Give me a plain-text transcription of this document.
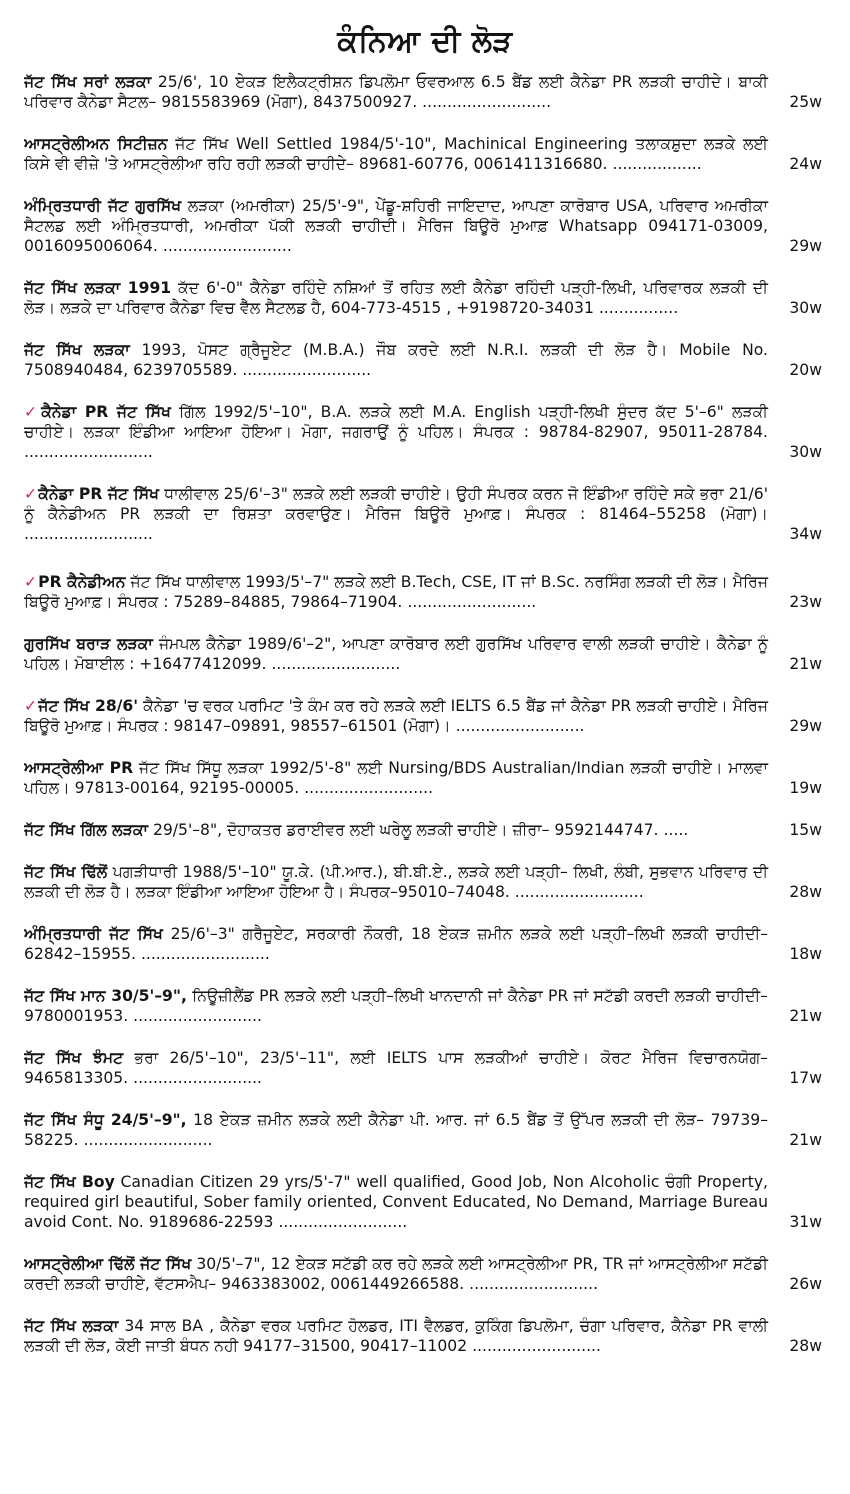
ਕੰਨਿਆ ਦੀ ਲੋੜ
ਜੱਟ ਸਿੱਖ ਸਰਾਂ ਲੜਕਾ 25/6', 10 ਏਕੜ ਇਲੈਕਟ੍ਰੀਸ਼ਨ ਡਿਪਲੋਮਾ ਓਵਰਆਲ 6.5 ਬੈਂਡ ਲਈ ਕੈਨੇਡਾ PR ਲੜਕੀ ਚਾਹੀਦੇ। ਬਾਕੀ ਪਰਿਵਾਰ ਕੈਨੇਡਾ ਸੈਟਲ– 9815583969 (ਮੋਗਾ), 8437500927. ..........................	25w
ਆਸਟ੍ਰੇਲੀਅਨ ਸਿਟੀਜ਼ਨ ਜੱਟ ਸਿੱਖ Well Settled 1984/5'-10", Machinical Engineering ਤਲਾਕਸ਼ੁਦਾ ਲੜਕੇ ਲਈ ਕਿਸੇ ਵੀ ਵੀਜ਼ੇ 'ਤੇ ਆਸਟ੍ਰੇਲੀਆ ਰਹਿ ਰਹੀ ਲੜਕੀ ਚਾਹੀਦੇ– 89681-60776, 0061411316680. ..................	24w
ਅੰਮ੍ਰਿਤਧਾਰੀ ਜੱਟ ਗੁਰਸਿੱਖ ਲੜਕਾ (ਅਮਰੀਕਾ) 25/5'-9", ਪੇਂਡੂ-ਸ਼ਹਿਰੀ ਜਾਇਦਾਦ, ਆਪਣਾ ਕਾਰੋਬਾਰ USA, ਪਰਿਵਾਰ ਅਮਰੀਕਾ ਸੈਟਲਡ ਲਈ ਅੰਮ੍ਰਿਤਧਾਰੀ, ਅਮਰੀਕਾ ਪੱਕੀ ਲੜਕੀ ਚਾਹੀਦੀ। ਮੈਰਿਜ ਬਿਊਰੋ ਮੁਆਫ਼ Whatsapp 094171-03009, 0016095006064. ..........................	29w
ਜੱਟ ਸਿੱਖ ਲੜਕਾ 1991 ਕੱਦ 6'-0" ਕੈਨੇਡਾ ਰਹਿੰਦੇ ਨਸ਼ਿਆਂ ਤੋਂ ਰਹਿਤ ਲਈ ਕੈਨੇਡਾ ਰਹਿੰਦੀ ਪੜ੍ਹੀ-ਲਿਖੀ, ਪਰਿਵਾਰਕ ਲੜਕੀ ਦੀ ਲੋੜ। ਲੜਕੇ ਦਾ ਪਰਿਵਾਰ ਕੈਨੇਡਾ ਵਿਚ ਵੈੱਲ ਸੈਟਲਡ ਹੈ, 604-773-4515 , +9198720-34031 ................	30w
ਜੱਟ ਸਿੱਖ ਲੜਕਾ 1993, ਪੋਸਟ ਗ੍ਰੈਜੂਏਟ (M.B.A.) ਜੌਬ ਕਰਦੇ ਲਈ N.R.I. ਲੜਕੀ ਦੀ ਲੋੜ ਹੈ। Mobile No. 7508940484, 6239705589. ..........................	20w
✓ਕੈਨੇਡਾ PR ਜੱਟ ਸਿੱਖ ਗਿੱਲ 1992/5'–10", B.A. ਲੜਕੇ ਲਈ M.A. English ਪੜ੍ਹੀ-ਲਿਖੀ ਸੁੰਦਰ ਕੱਦ 5'–6" ਲੜਕੀ ਚਾਹੀਏ। ਲੜਕਾ ਇੰਡੀਆ ਆਇਆ ਹੋਇਆ। ਮੋਗਾ, ਜਗਰਾਉਂ ਨੂੰ ਪਹਿਲ। ਸੰਪਰਕ : 98784-82907, 95011-28784. ..........................	30w
✓ਕੈਨੇਡਾ PR ਜੱਟ ਸਿੱਖ ਧਾਲੀਵਾਲ 25/6'–3" ਲੜਕੇ ਲਈ ਲੜਕੀ ਚਾਹੀਏ। ਉਹੀ ਸੰਪਰਕ ਕਰਨ ਜੋ ਇੰਡੀਆ ਰਹਿੰਦੇ ਸਕੇ ਭਰਾ 21/6' ਨੂੰ ਕੈਨੇਡੀਅਨ PR ਲੜਕੀ ਦਾ ਰਿਸ਼ਤਾ ਕਰਵਾਉਣ। ਮੈਰਿਜ ਬਿਊਰੋ ਮੁਆਫ਼। ਸੰਪਰਕ : 81464–55258 (ਮੋਗਾ)। ..........................	34w
✓PR ਕੈਨੇਡੀਅਨ ਜੱਟ ਸਿੱਖ ਧਾਲੀਵਾਲ 1993/5'–7" ਲੜਕੇ ਲਈ B.Tech, CSE, IT ਜਾਂ B.Sc. ਨਰਸਿੰਗ ਲੜਕੀ ਦੀ ਲੋੜ। ਮੈਰਿਜ ਬਿਊਰੋ ਮੁਆਫ਼। ਸੰਪਰਕ : 75289–84885, 79864–71904. ..........................	23w
ਗੁਰਸਿੱਖ ਬਰਾੜ ਲੜਕਾ ਜੰਮਪਲ ਕੈਨੇਡਾ 1989/6'–2", ਆਪਣਾ ਕਾਰੋਬਾਰ ਲਈ ਗੁਰਸਿੱਖ ਪਰਿਵਾਰ ਵਾਲੀ ਲੜਕੀ ਚਾਹੀਏ। ਕੈਨੇਡਾ ਨੂੰ ਪਹਿਲ। ਮੋਬਾਈਲ : +16477412099. ..........................	21w
✓ਜੱਟ ਸਿੱਖ 28/6' ਕੈਨੇਡਾ 'ਚ ਵਰਕ ਪਰਮਿਟ 'ਤੇ ਕੰਮ ਕਰ ਰਹੇ ਲੜਕੇ ਲਈ IELTS 6.5 ਬੈਂਡ ਜਾਂ ਕੈਨੇਡਾ PR ਲੜਕੀ ਚਾਹੀਏ। ਮੈਰਿਜ ਬਿਊਰੋ ਮੁਆਫ਼। ਸੰਪਰਕ : 98147–09891, 98557–61501 (ਮੋਗਾ)। ..........................	29w
ਆਸਟ੍ਰੇਲੀਆ PR ਜੱਟ ਸਿੱਖ ਸਿੱਧੂ ਲੜਕਾ 1992/5'-8" ਲਈ Nursing/BDS Australian/Indian ਲੜਕੀ ਚਾਹੀਏ। ਮਾਲਵਾ ਪਹਿਲ। 97813-00164, 92195-00005. ..........................	19w
ਜੱਟ ਸਿੱਖ ਗਿੱਲ ਲੜਕਾ 29/5'–8", ਦੋਹਾਕਤਰ ਡਰਾਈਵਰ ਲਈ ਘਰੇਲੂ ਲੜਕੀ ਚਾਹੀਏ। ਜ਼ੀਰਾ– 9592144747. .....	15w
ਜੱਟ ਸਿੱਖ ਢਿੱਲੋਂ ਪਗੜੀਧਾਰੀ 1988/5'–10" ਯੂ.ਕੇ. (ਪੀ.ਆਰ.), ਬੀ.ਬੀ.ਏ., ਲੜਕੇ ਲਈ ਪੜ੍ਹੀ– ਲਿਖੀ, ਲੰਬੀ, ਸੁਭਵਾਨ ਪਰਿਵਾਰ ਦੀ ਲੜਕੀ ਦੀ ਲੋੜ ਹੈ। ਲੜਕਾ ਇੰਡੀਆ ਆਇਆ ਹੋਇਆ ਹੈ। ਸੰਪਰਕ–95010–74048. ..........................	28w
ਅੰਮ੍ਰਿਤਧਾਰੀ ਜੱਟ ਸਿੱਖ 25/6'–3" ਗਰੈਜੂਏਟ, ਸਰਕਾਰੀ ਨੌਕਰੀ, 18 ਏਕੜ ਜ਼ਮੀਨ ਲੜਕੇ ਲਈ ਪੜ੍ਹੀ–ਲਿਖੀ ਲੜਕੀ ਚਾਹੀਦੀ– 62842–15955. ..........................	18w
ਜੱਟ ਸਿੱਖ ਮਾਨ 30/5'–9", ਨਿਊਜ਼ੀਲੈਂਡ PR ਲੜਕੇ ਲਈ ਪੜ੍ਹੀ–ਲਿਖੀ ਖਾਨਦਾਨੀ ਜਾਂ ਕੈਨੇਡਾ PR ਜਾਂ ਸਟੱਡੀ ਕਰਦੀ ਲੜਕੀ ਚਾਹੀਦੀ– 9780001953. ..........................	21w
ਜੱਟ ਸਿੱਖ ਝੰਮਟ ਭਰਾ 26/5'–10", 23/5'–11", ਲਈ IELTS ਪਾਸ ਲੜਕੀਆਂ ਚਾਹੀਏ। ਕੋਰਟ ਮੈਰਿਜ ਵਿਚਾਰਨਯੋਗ– 9465813305. ..........................	17w
ਜੱਟ ਸਿੱਖ ਸੰਧੂ 24/5'–9", 18 ਏਕੜ ਜ਼ਮੀਨ ਲੜਕੇ ਲਈ ਕੈਨੇਡਾ ਪੀ. ਆਰ. ਜਾਂ 6.5 ਬੈਂਡ ਤੋਂ ਉੱਪਰ ਲੜਕੀ ਦੀ ਲੋੜ– 79739– 58225. ..........................	21w
ਜੱਟ ਸਿੱਖ Boy Canadian Citizen 29 yrs/5'-7" well qualified, Good Job, Non Alcoholic ਚੰਗੀ Property, required girl beautiful, Sober family oriented, Convent Educated, No Demand, Marriage Bureau avoid Cont. No. 9189686-22593 ..........................	31w
ਆਸਟ੍ਰੇਲੀਆ ਢਿੱਲੋਂ ਜੱਟ ਸਿੱਖ 30/5'–7", 12 ਏਕੜ ਸਟੱਡੀ ਕਰ ਰਹੇ ਲੜਕੇ ਲਈ ਆਸਟ੍ਰੇਲੀਆ PR, TR ਜਾਂ ਆਸਟ੍ਰੇਲੀਆ ਸਟੱਡੀ ਕਰਦੀ ਲੜਕੀ ਚਾਹੀਏ, ਵੱਟਸਐਪ– 9463383002, 0061449266588. ..........................	26w
ਜੱਟ ਸਿੱਖ ਲੜਕਾ 34 ਸਾਲ BA , ਕੈਨੇਡਾ ਵਰਕ ਪਰਮਿਟ ਹੋਲਡਰ, ITI ਵੈਲਡਰ, ਕੁਕਿੰਗ ਡਿਪਲੋਮਾ, ਚੰਗਾ ਪਰਿਵਾਰ, ਕੈਨੇਡਾ PR ਵਾਲੀ ਲੜਕੀ ਦੀ ਲੋੜ, ਕੋਈ ਜਾਤੀ ਬੰਧਨ ਨਹੀ 94177–31500, 90417–11002 ..........................	28w
